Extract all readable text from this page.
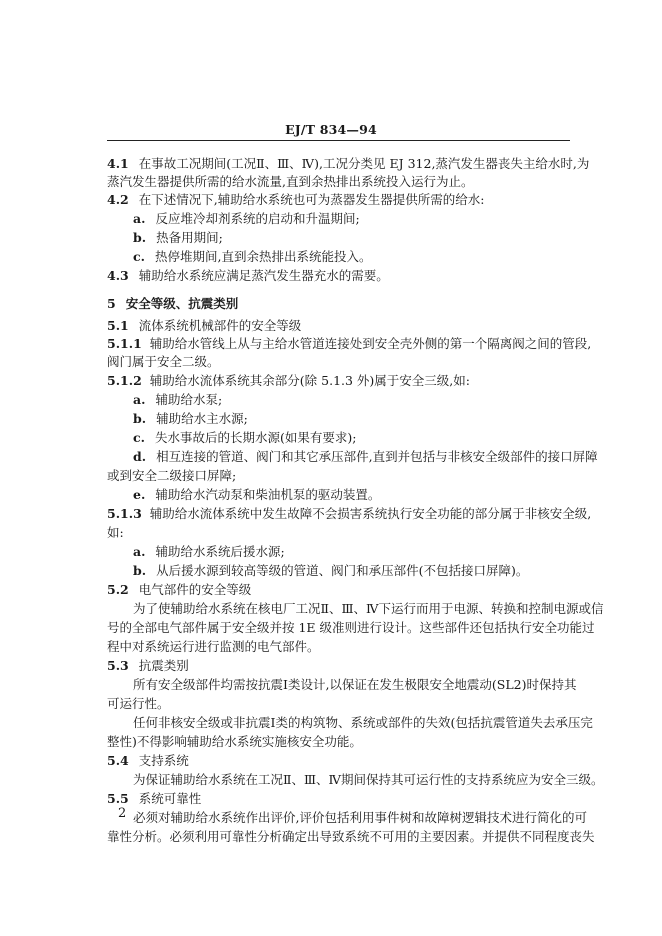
EJ/T 834—94
4.1 在事故工况期间(工况Ⅱ、Ⅲ、Ⅳ),工况分类见 EJ 312,蒸汽发生器丧失主给水时,为
蒸汽发生器提供所需的给水流量,直到余热排出系统投入运行为止。
4.2 在下述情况下,辅助给水系统也可为蒸器发生器提供所需的给水:
a. 反应堆冷却剂系统的启动和升温期间;
b. 热备用期间;
c. 热停堆期间,直到余热排出系统能投入。
4.3 辅助给水系统应满足蒸汽发生器充水的需要。
5 安全等级、抗震类别
5.1 流体系统机械部件的安全等级
5.1.1 辅助给水管线上从与主给水管道连接处到安全壳外侧的第一个隔离阀之间的管段,
阀门属于安全二级。
5.1.2 辅助给水流体系统其余部分(除 5.1.3 外)属于安全三级,如:
a. 辅助给水泵;
b. 辅助给水主水源;
c. 失水事故后的长期水源(如果有要求);
d. 相互连接的管道、阀门和其它承压部件,直到并包括与非核安全级部件的接口屏障
或到安全二级接口屏障;
e. 辅助给水汽动泵和柴油机泵的驱动装置。
5.1.3 辅助给水流体系统中发生故障不会损害系统执行安全功能的部分属于非核安全级,
如:
a. 辅助给水系统后援水源;
b. 从后援水源到较高等级的管道、阀门和承压部件(不包括接口屏障)。
5.2 电气部件的安全等级
为了使辅助给水系统在核电厂工况Ⅱ、Ⅲ、Ⅳ下运行而用于电源、转换和控制电源或信
号的全部电气部件属于安全级并按 1E 级准则进行设计。这些部件还包括执行安全功能过
程中对系统运行进行监测的电气部件。
5.3 抗震类别
所有安全级部件均需按抗震Ⅰ类设计,以保证在发生极限安全地震动(SL2)时保持其
可运行性。
任何非核安全级或非抗震Ⅰ类的构筑物、系统或部件的失效(包括抗震管道失去承压完
整性)不得影响辅助给水系统实施核安全功能。
5.4 支持系统
为保证辅助给水系统在工况Ⅱ、Ⅲ、Ⅳ期间保持其可运行性的支持系统应为安全三级。
5.5 系统可靠性
必须对辅助给水系统作出评价,评价包括利用事件树和故障树逻辑技术进行简化的可
靠性分析。必须利用可靠性分析确定出导致系统不可用的主要因素。并提供不同程度丧失
2
